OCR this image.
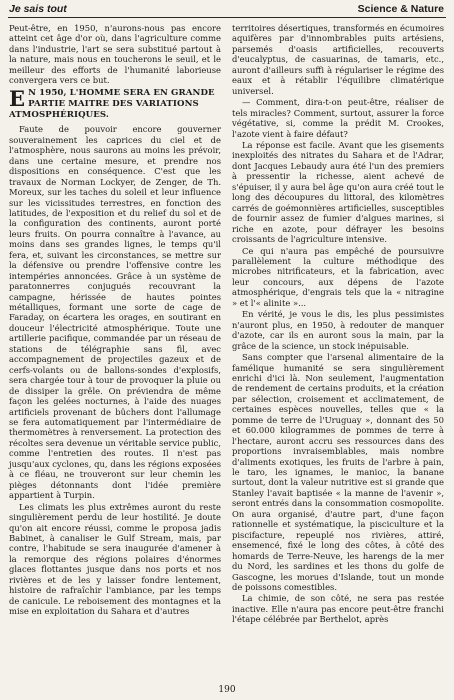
Je sais tout	Science & Nature

Peut-être, en 1950, n'aurons-nous pas encore atteint cet âge d'or où, dans l'agriculture comme dans l'industrie, l'art se sera substitué partout à la nature, mais nous en toucherons le seuil, et le meilleur des efforts de l'humanité laborieuse convergera vers ce but.

E N 1950, L'HOMME SERA EN GRANDE PARTIE MAITRE DES VARIATIONS ATMOSPHÉRIQUES.

Faute de pouvoir encore gouverner souverainement les caprices du ciel et de l'atmosphère, nous saurons au moins les prévoir, dans une certaine mesure, et prendre nos dispositions en conséquence. C'est que les travaux de Norman Lockyer, de Zenger, de Th. Moreux, sur les taches du soleil et leur influence sur les vicissitudes terrestres, en fonction des latitudes, de l'exposition et du relief du sol et de la configuration des continents, auront porté leurs fruits. On pourra connaître à l'avance, au moins dans ses grandes lignes, le temps qu'il fera, et, suivant les circonstances, se mettre sur la défensive ou prendre l'offensive contre les intempéries annoncées. Grâce à un système de paratonnerres conjugués recouvrant la campagne, hérissée de hautes pointes métalliques, formant une sorte de cage de Faraday, on écartera les orages, en soutirant en douceur l'électricité atmosphérique. Toute une artillerie pacifique, commandée par un réseau de stations de télégraphie sans fil, avec accompagnement de projectiles gazeux et de cerfs-volants ou de ballons-sondes d'explosifs, sera chargée tour à tour de provoquer la pluie ou de dissiper la grêle. On préviendra de même façon les gelées nocturnes, à l'aide des nuages artificiels provenant de bûchers dont l'allumage se fera automatiquement par l'intermédiaire de thermomètres à renversement. La protection des récoltes sera devenue un véritable service public, comme l'entretien des routes. Il n'est pas jusqu'aux cyclones, qu, dans les régions exposées à ce fléau, ne trouveront sur leur chemin les pièges détonnants dont l'idée première appartient à Turpin.

Les climats les plus extrêmes auront du reste singulièrement perdu de leur hostilité. Je doute qu'on ait encore réussi, comme le proposa jadis Babinet, à canaliser le Gulf Stream, mais, par contre, l'habitude se sera inaugurée d'amener à la remorque des régions polaires d'énormes glaces flottantes jusque dans nos ports et nos rivières et de les y laisser fondre lentement, histoire de rafraîchir l'ambiance, par les temps de canicule. Le reboisement des montagnes et la mise en exploitation du Sahara et d'autres

territoires désertiques, transformés en écumoires aquifères par d'innombrables puits artésiens, parsemés d'oasis artificielles, recouverts d'eucalyptus, de casuarinas, de tamaris, etc., auront d'ailleurs suffi à régulariser le régime des eaux et à rétablir l'équilibre climatérique universel.

— Comment, dira-t-on peut-être, réaliser de tels miracles? Comment, surtout, assurer la force végétative, si, comme la prédit M. Crookes, l'azote vient à faire défaut?

La réponse est facile. Avant que les gisements inexploités des nitrates du Sahara et de l'Adrar, dont Jacques Lebaudy aura été l'un des premiers à pressentir la richesse, aient achevé de s'épuiser, il y aura bel âge qu'on aura créé tout le long des découpures du littoral, des kilomètres carrés de goémonnières artificielles, susceptibles de fournir assez de fumier d'algues marines, si riche en azote, pour défrayer les besoins croissants de l'agriculture intensive.

Ce qui n'aura pas empêché de poursuivre parallèlement la culture méthodique des microbes nitrificateurs, et la fabrication, avec leur concours, aux dépens de l'azote atmosphérique, d'engrais tels que la « nitragine » et l'« alinite »...

En vérité, je vous le dis, les plus pessimistes n'auront plus, en 1950, à redouter de manquer d'azote, car ils en auront sous la main, par la grâce de la science, un stock inépuisable.

Sans compter que l'arsenal alimentaire de la famélique humanité se sera singulièrement enrichi d'ici là. Non seulement, l'augmentation de rendement de certains produits, et la création par sélection, croisement et acclimatement, de certaines espèces nouvelles, telles que « la pomme de terre de l'Uruguay », donnant des 50 et 60.000 kilogrammes de pommes de terre à l'hectare, auront accru ses ressources dans des proportions invraisemblables, mais nombre d'aliments exotiques, les fruits de l'arbre à pain, le taro, les ignames, le manioc, la banane surtout, dont la valeur nutritive est si grande que Stanley l'avait baptisée « la manne de l'avenir », seront entrés dans la consommation cosmopolite. On aura organisé, d'autre part, d'une façon rationnelle et systématique, la pisciculture et la piscifacture, repeuplé nos rivières, attiré, ensemencé, fixé le long des côtes, à côté des homards de Terre-Neuve, les harengs de la mer du Nord, les sardines et les thons du golfe de Gascogne, les morues d'Islande, tout un monde de poissons comestibles.

La chimie, de son côté, ne sera pas restée inactive. Elle n'aura pas encore peut-être franchi l'étape célébrée par Berthelot, après

190
